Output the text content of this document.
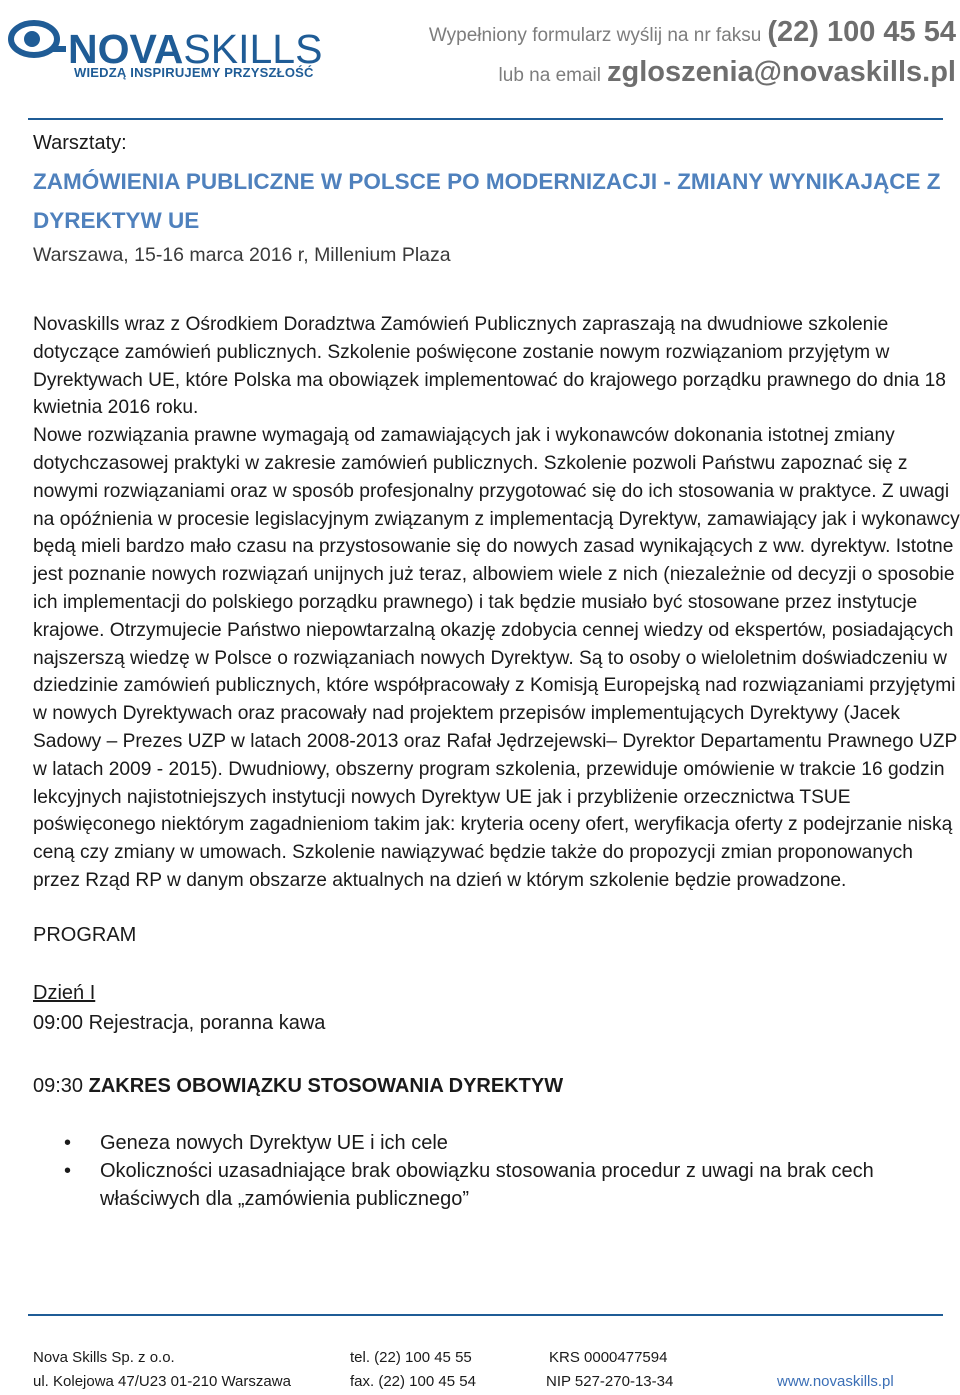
NOVASKILLS
WIEDZĄ INSPIRUJEMY PRZYSZŁOŚĆ
Wypełniony formularz wyślij na nr faksu (22) 100 45 54
lub na email zgloszenia@novaskills.pl

Warsztaty:

ZAMÓWIENIA PUBLICZNE W POLSCE PO MODERNIZACJI - ZMIANY WYNIKAJĄCE Z DYREKTYW UE

Warszawa, 15-16 marca 2016 r, Millenium Plaza

Novaskills wraz z Ośrodkiem Doradztwa Zamówień Publicznych zapraszają na dwudniowe szkolenie dotyczące zamówień publicznych. Szkolenie poświęcone zostanie nowym rozwiązaniom przyjętym w Dyrektywach UE, które Polska ma obowiązek implementować do krajowego porządku prawnego do dnia 18 kwietnia 2016 roku.
Nowe rozwiązania prawne wymagają od zamawiających jak i wykonawców dokonania istotnej zmiany dotychczasowej praktyki w zakresie zamówień publicznych. Szkolenie pozwoli Państwu zapoznać się z nowymi rozwiązaniami oraz w sposób profesjonalny przygotować się do ich stosowania w praktyce. Z uwagi na opóźnienia w procesie legislacyjnym związanym z implementacją Dyrektyw, zamawiający jak i wykonawcy będą mieli bardzo mało czasu na przystosowanie się do nowych zasad wynikających z ww. dyrektyw. Istotne jest poznanie nowych rozwiązań unijnych już teraz, albowiem wiele z nich (niezależnie od decyzji o sposobie ich implementacji do polskiego porządku prawnego) i tak będzie musiało być stosowane przez instytucje krajowe. Otrzymujecie Państwo niepowtarzalną okazję zdobycia cennej wiedzy od ekspertów, posiadających najszerszą wiedzę w Polsce o rozwiązaniach nowych Dyrektyw. Są to osoby o wieloletnim doświadczeniu w dziedzinie zamówień publicznych, które współpracowały z Komisją Europejską nad rozwiązaniami przyjętymi w nowych Dyrektywach oraz pracowały nad projektem przepisów implementujących Dyrektywy (Jacek Sadowy – Prezes UZP w latach 2008-2013 oraz Rafał Jędrzejewski– Dyrektor Departamentu Prawnego UZP w latach 2009 - 2015). Dwudniowy, obszerny program szkolenia, przewiduje omówienie w trakcie 16 godzin lekcyjnych najistotniejszych instytucji nowych Dyrektyw UE jak i przybliżenie orzecznictwa TSUE poświęconego niektórym zagadnieniom takim jak: kryteria oceny ofert, weryfikacja oferty z podejrzanie niską ceną czy zmiany w umowach. Szkolenie nawiązywać będzie także do propozycji zmian proponowanych przez Rząd RP w danym obszarze aktualnych na dzień w którym szkolenie będzie prowadzone.

PROGRAM

Dzień I

09:00 Rejestracja, poranna kawa

09:30 ZAKRES OBOWIĄZKU STOSOWANIA DYREKTYW

• Geneza nowych Dyrektyw UE i ich cele
• Okoliczności uzasadniające brak obowiązku stosowania procedur z uwagi na brak cech właściwych dla „zamówienia publicznego”
Nova Skills Sp. z o.o.
ul. Kolejowa 47/U23 01-210 Warszawa
tel. (22) 100 45 55
fax. (22) 100 45 54
KRS 0000477594
NIP 527-270-13-34	www.novaskills.pl
